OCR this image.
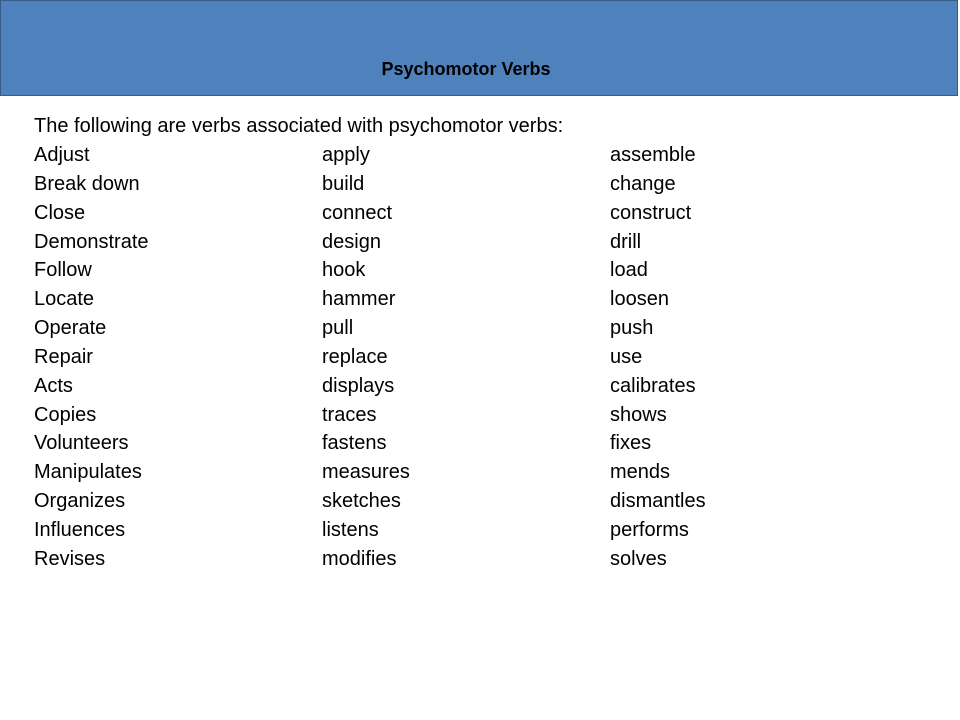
Psychomotor Verbs
The following are verbs associated with psychomotor verbs:
Adjust	apply	assemble
Break down	build	change
Close	connect	construct
Demonstrate	design	drill
Follow	hook	load
Locate	hammer	loosen
Operate	pull	push
Repair	replace	use
Acts	displays	calibrates
Copies	traces	shows
Volunteers	fastens	fixes
Manipulates	measures	mends
Organizes	sketches	dismantles
Influences	listens	performs
Revises	modifies	solves
